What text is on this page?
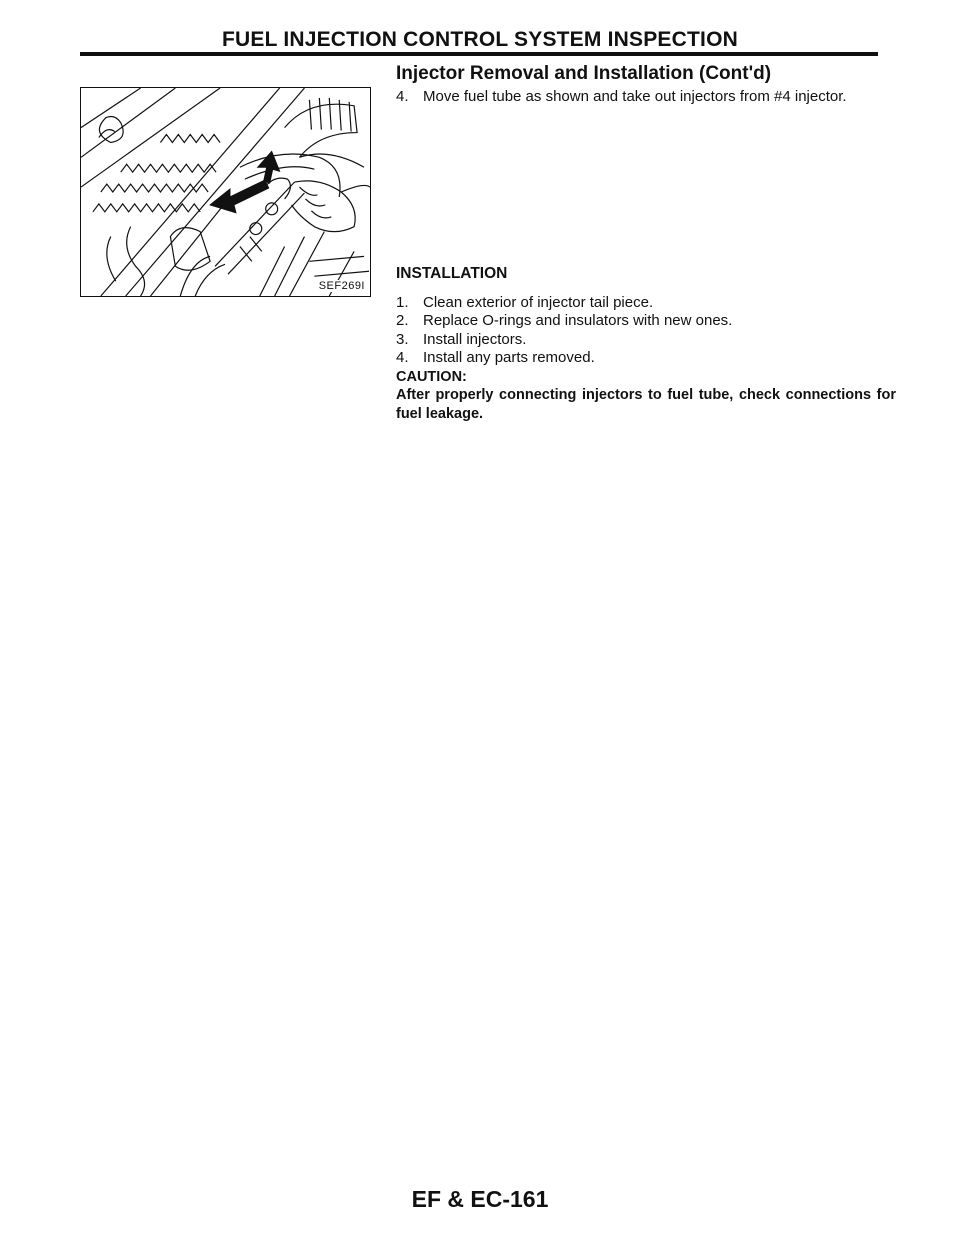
FUEL INJECTION CONTROL SYSTEM INSPECTION
SEF269I
Injector Removal and Installation (Cont'd)
4. Move fuel tube as shown and take out injectors from #4 injector.
INSTALLATION
1. Clean exterior of injector tail piece.
2. Replace O-rings and insulators with new ones.
3. Install injectors.
4. Install any parts removed.

CAUTION:

After properly connecting injectors to fuel tube, check connections for fuel leakage.

EF & EC-161
